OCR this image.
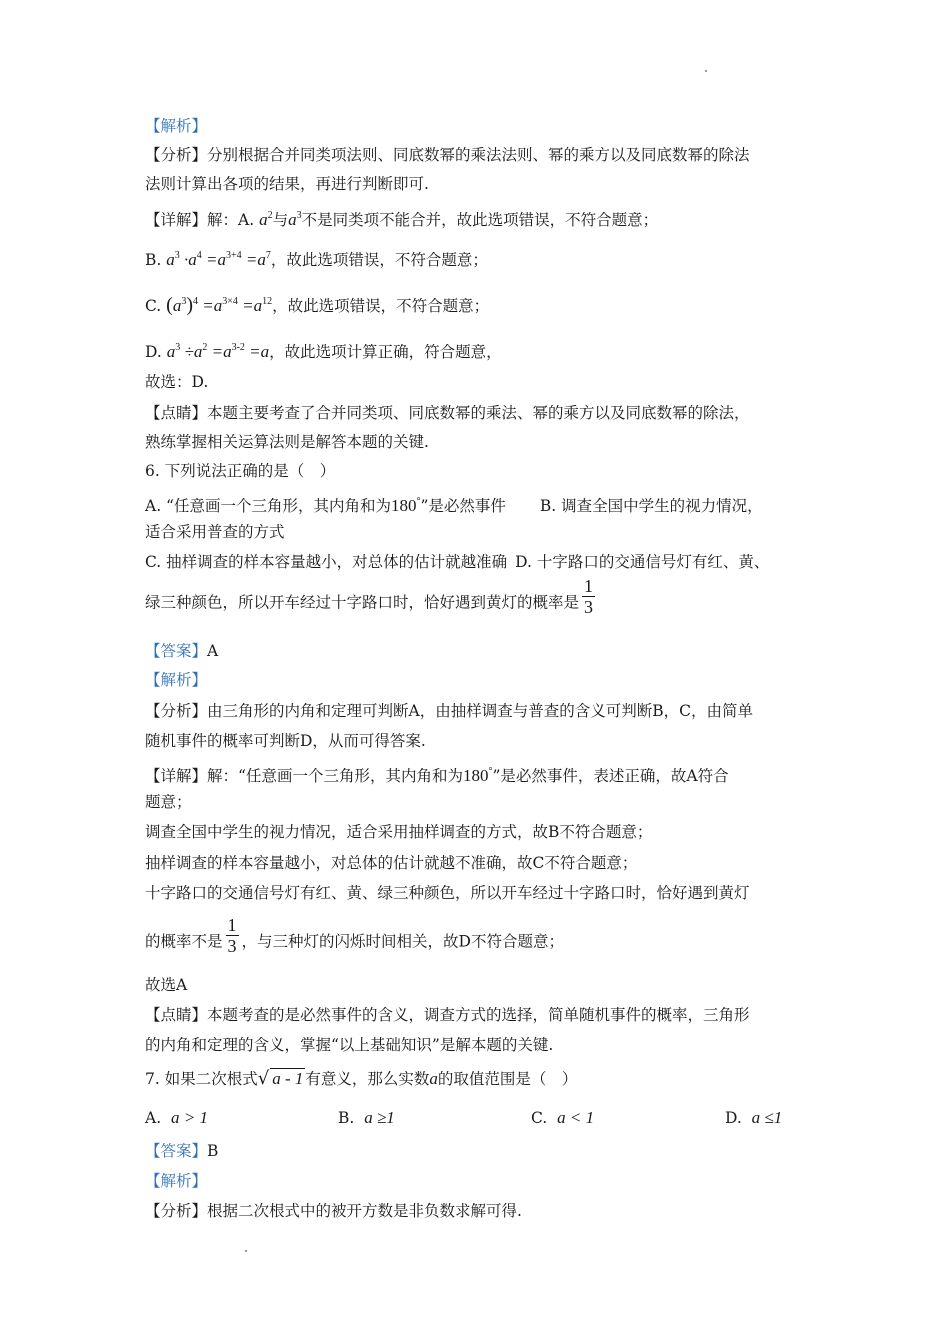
【解析】
【分析】分别根据合并同类项法则、同底数幂的乘法法则、幂的乘方以及同底数幂的除法
法则计算出各项的结果，再进行判断即可.
【详解】解：A. $a^2$与$a^3$不是同类项不能合并，故此选项错误，不符合题意；
B. $a^3 \cdot a^4 =a^{3+4} =a^7$，故此选项错误，不符合题意；
C. $(a^3)^4 =a^{3\times 4} =a^{12}$，故此选项错误，不符合题意；
D. $a^3 \div a^2 =a^{3-2} =a$，故此选项计算正确，符合题意，
故选：D.
【点睛】本题主要考查了合并同类项、同底数幂的乘法、幂的乘方以及同底数幂的除法，
熟练掌握相关运算法则是解答本题的关键.
6. 下列说法正确的是（　）
A. “任意画一个三角形，其内角和为180°”是必然事件 B. 调查全国中学生的视力情况，
适合采用普查的方式
C. 抽样调查的样本容量越小，对总体的估计就越准确 D. 十字路口的交通信号灯有红、黄、
绿三种颜色，所以开车经过十字路口时，恰好遇到黄灯的概率是 $\frac{1}{3}$
【答案】A
【解析】
【分析】由三角形的内角和定理可判断A，由抽样调查与普查的含义可判断B，C，由简单
随机事件的概率可判断D，从而可得答案.
【详解】解：“任意画一个三角形，其内角和为180°”是必然事件，表述正确，故A符合
题意；
调查全国中学生的视力情况，适合采用抽样调查的方式，故B不符合题意；
抽样调查的样本容量越小，对总体的估计就越不准确，故C不符合题意；
十字路口的交通信号灯有红、黄、绿三种颜色，所以开车经过十字路口时，恰好遇到黄灯
的概率不是 $\frac{1}{3}$ ，与三种灯的闪烁时间相关，故D不符合题意；
故选A
【点睛】本题考查的是必然事件的含义，调查方式的选择，简单随机事件的概率，三角形
的内角和定理的含义，掌握“以上基础知识”是解本题的关键.
7. 如果二次根式√ a - 1 有意义，那么实数a的取值范围是（　）
A. a > 1	B. a ≥1	C. a < 1	D. a ≤1
【答案】B
【解析】
【分析】根据二次根式中的被开方数是非负数求解可得.
